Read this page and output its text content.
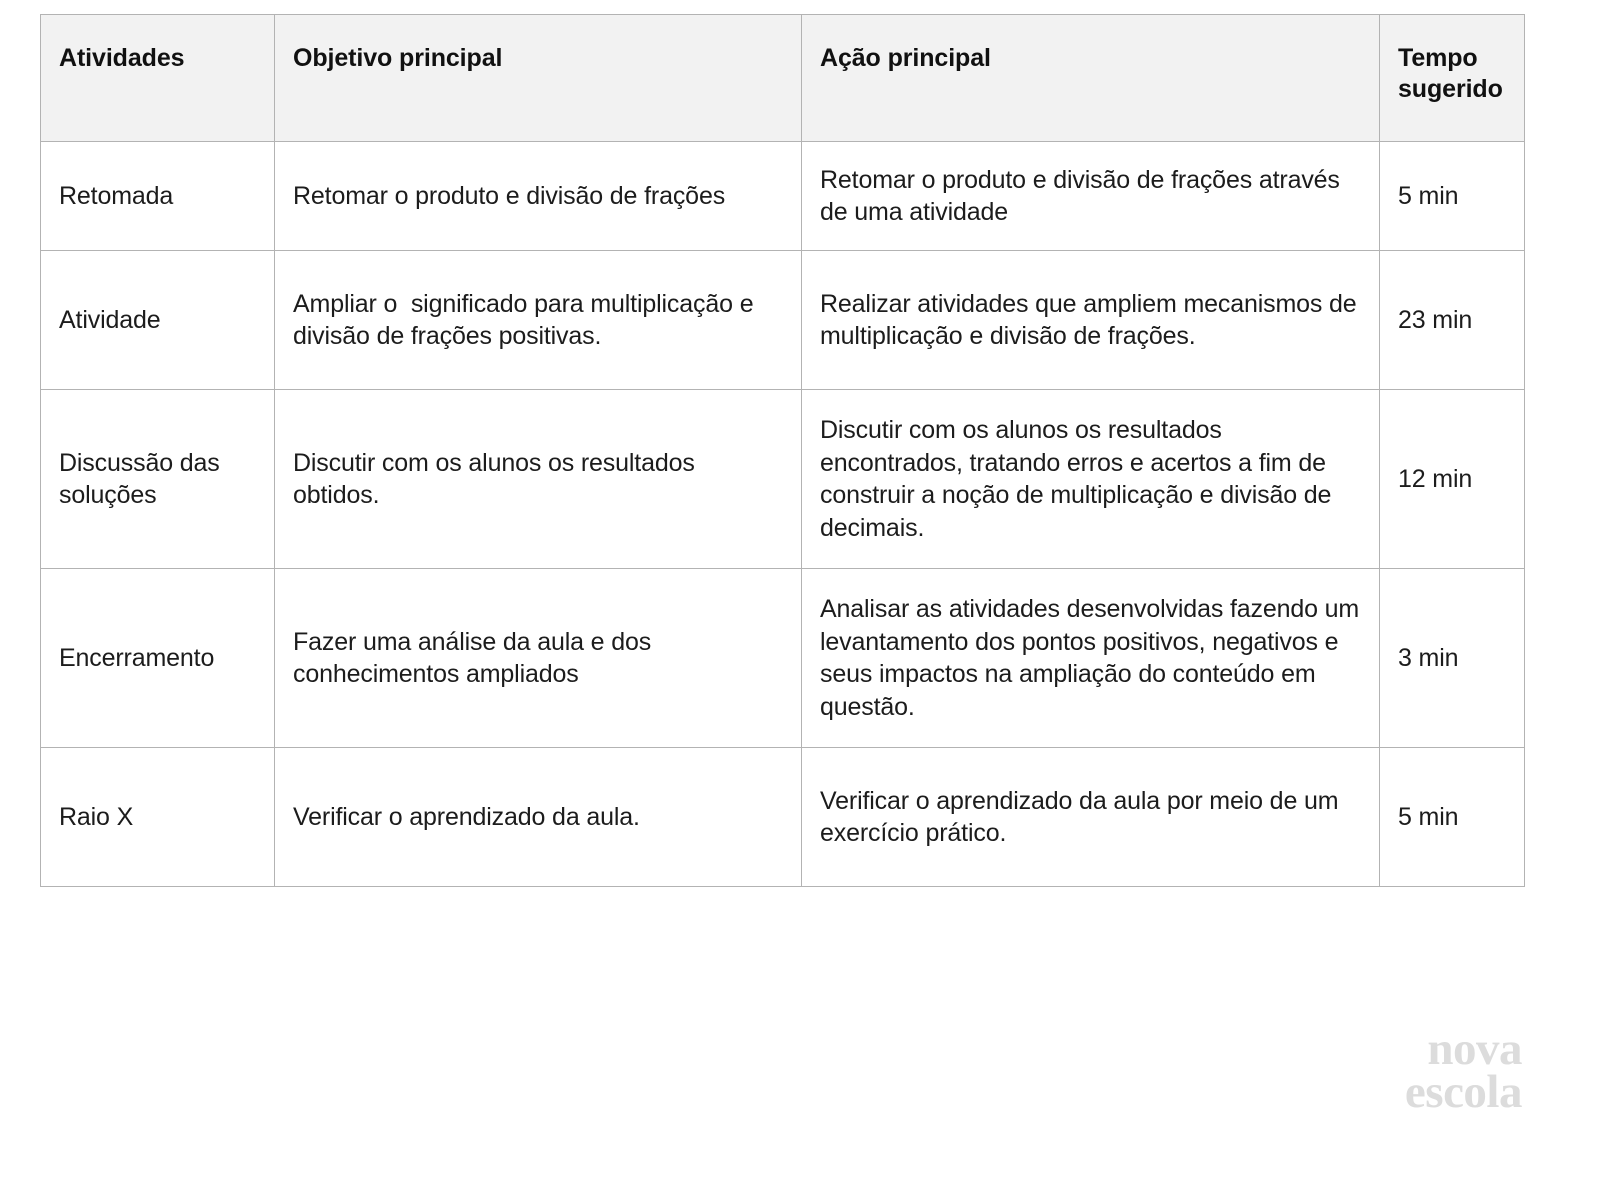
Atividades	Objetivo principal	Ação principal	Tempo
sugerido
Retomada	Retomar o produto e divisão de frações	Retomar o produto e divisão de frações através de uma atividade	5 min
Atividade	Ampliar o  significado para multiplicação e divisão de frações positivas.	Realizar atividades que ampliem mecanismos de multiplicação e divisão de frações.	23 min
Discussão das soluções	Discutir com os alunos os resultados obtidos.	Discutir com os alunos os resultados encontrados, tratando erros e acertos a fim de construir a noção de multiplicação e divisão de decimais.	12 min
Encerramento	Fazer uma análise da aula e dos conhecimentos ampliados	Analisar as atividades desenvolvidas fazendo um levantamento dos pontos positivos, negativos e seus impactos na ampliação do conteúdo em questão.	3 min
Raio X	Verificar o aprendizado da aula.	Verificar o aprendizado da aula por meio de um exercício prático.	5 min
nova
escola
